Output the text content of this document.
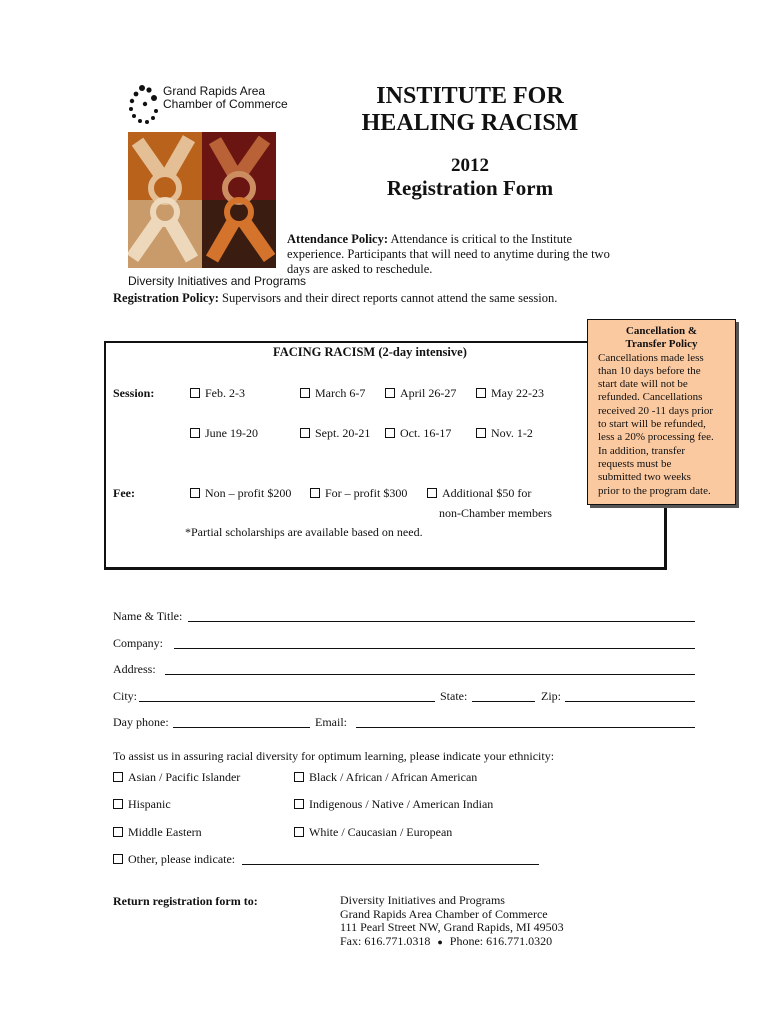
Grand Rapids Area
Chamber of Commerce
Diversity Initiatives and Programs
INSTITUTE FOR
HEALING RACISM
2012
Registration Form
Attendance Policy: Attendance is critical to the Institute
experience. Participants that will need to anytime during the two
days are asked to reschedule.
Registration Policy: Supervisors and their direct reports cannot attend the same session.
FACING RACISM (2-day intensive)
Session:	Feb. 2-3	March 6-7	April 26-27	May 22-23
June 19-20	Sept. 20-21	Oct. 16-17	Nov. 1-2
Fee:	Non – profit $200	For – profit $300	Additional $50 for
non-Chamber members
*Partial scholarships are available based on need.
Cancellation &
Transfer Policy
Cancellations made less
than 10 days before the
start date will not be
refunded. Cancellations
received 20 -11 days prior
to start will be refunded,
less a 20% processing fee.
In addition, transfer
requests must be
submitted two weeks
prior to the program date.
Name & Title:
Company:
Address:
City:	State:	Zip:
Day phone:	Email:
To assist us in assuring racial diversity for optimum learning, please indicate your ethnicity:
Asian / Pacific Islander	Black / African / African American
Hispanic	Indigenous / Native / American Indian
Middle Eastern	White / Caucasian / European
Other, please indicate:
Return registration form to:	Diversity Initiatives and Programs
Grand Rapids Area Chamber of Commerce
111 Pearl Street NW, Grand Rapids, MI 49503
Fax: 616.771.0318 ● Phone: 616.771.0320
